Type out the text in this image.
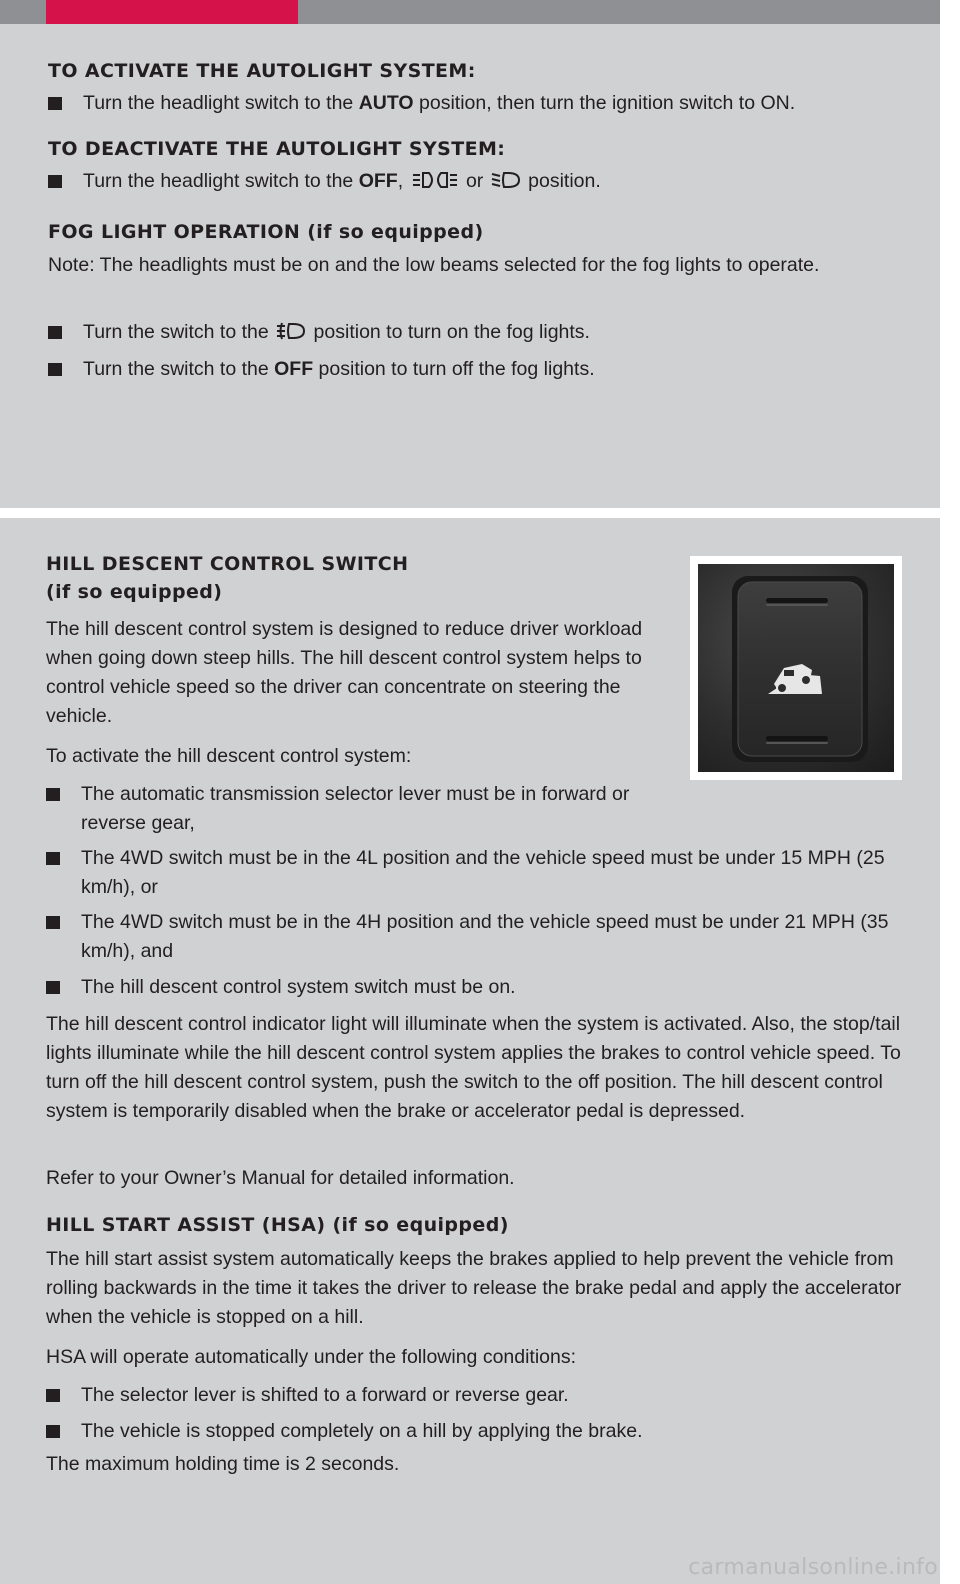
TO ACTIVATE THE AUTOLIGHT SYSTEM:
Turn the headlight switch to the AUTO position, then turn the ignition switch to ON.
TO DEACTIVATE THE AUTOLIGHT SYSTEM:
Turn the headlight switch to the OFF,	or  position.
FOG LIGHT OPERATION (if so equipped)

Note: The headlights must be on and the low beams selected for the fog lights to operate.

Turn the switch to the  position to turn on the fog lights.
Turn the switch to the OFF position to turn off the fog lights.
HILL DESCENT CONTROL SWITCH
(if so equipped)

The hill descent control system is designed to reduce driver workload when going down steep hills. The hill descent control system helps to control vehicle speed so the driver can concentrate on steering the vehicle.

To activate the hill descent control system:

The automatic transmission selector lever must be in forward or reverse gear,
The 4WD switch must be in the 4L position and the vehicle speed must be under 15 MPH (25 km/h), or
The 4WD switch must be in the 4H position and the vehicle speed must be under 21 MPH (35 km/h), and
The hill descent control system switch must be on.

The hill descent control indicator light will illuminate when the system is activated. Also, the stop/tail lights illuminate while the hill descent control system applies the brakes to control vehicle speed. To turn off the hill descent control system, push the switch to the off position. The hill descent control system is temporarily disabled when the brake or accelerator pedal is depressed.

Refer to your Owner’s Manual for detailed information.

HILL START ASSIST (HSA) (if so equipped)

The hill start assist system automatically keeps the brakes applied to help prevent the vehicle from rolling backwards in the time it takes the driver to release the brake pedal and apply the accelerator when the vehicle is stopped on a hill.

HSA will operate automatically under the following conditions:

The selector lever is shifted to a forward or reverse gear.
The vehicle is stopped completely on a hill by applying the brake.

The maximum holding time is 2 seconds.

carmanualsonline.info
